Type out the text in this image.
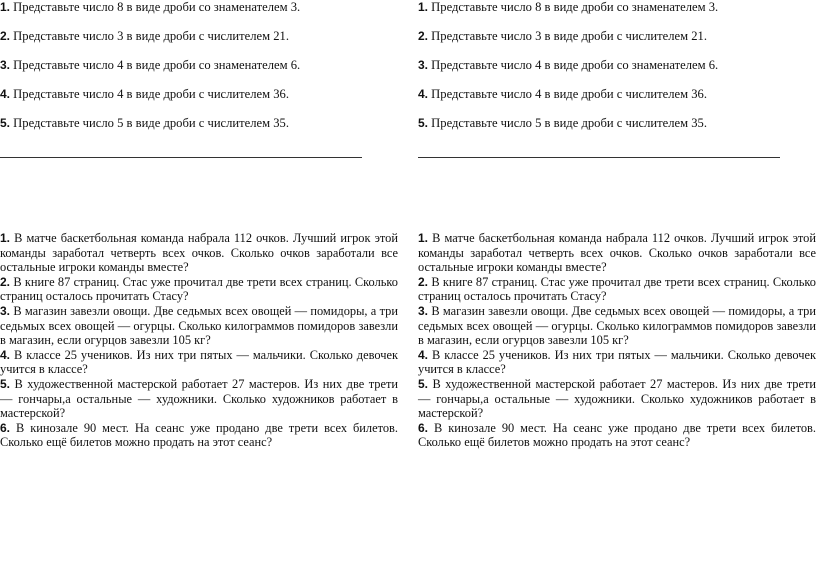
1. Представьте число 8 в виде дроби со знаменателем 3.
2. Представьте число 3 в виде дроби с числителем 21.
3. Представьте число 4 в виде дроби со знаменателем 6.
4. Представьте число 4 в виде дроби с числителем 36.
5. Представьте число 5 в виде дроби с числителем 35.
1. Представьте число 8 в виде дроби со знаменателем 3.
2. Представьте число 3 в виде дроби с числителем 21.
3. Представьте число 4 в виде дроби со знаменателем 6.
4. Представьте число 4 в виде дроби с числителем 36.
5. Представьте число 5 в виде дроби с числителем 35.

1. В матче баскетбольная команда набрала 112 очков. Лучший игрок этой команды заработал четверть всех очков. Сколько очков заработали все остальные игроки команды вместе?

2. В книге 87 страниц. Стас уже прочитал две трети всех страниц. Сколько страниц осталось прочитать Стасу?

3. В магазин завезли овощи. Две седьмых всех овощей — помидоры, а три седьмых всех овощей — огурцы. Сколько килограммов помидоров завезли в магазин, если огурцов завезли 105 кг?

4. В классе 25 учеников. Из них три пятых — мальчики. Сколько девочек учится в классе?

5. В художественной мастерской работает 27 мастеров. Из них две трети — гончары,а остальные — художники. Сколько художников работает в мастерской?

6. В кинозале 90 мест. На сеанс уже продано две трети всех билетов. Сколько ещё билетов можно продать на этот сеанс?

1. В матче баскетбольная команда набрала 112 очков. Лучший игрок этой команды заработал четверть всех очков. Сколько очков заработали все остальные игроки команды вместе?

2. В книге 87 страниц. Стас уже прочитал две трети всех страниц. Сколько страниц осталось прочитать Стасу?

3. В магазин завезли овощи. Две седьмых всех овощей — помидоры, а три седьмых всех овощей — огурцы. Сколько килограммов помидоров завезли в магазин, если огурцов завезли 105 кг?

4. В классе 25 учеников. Из них три пятых — мальчики. Сколько девочек учится в классе?

5. В художественной мастерской работает 27 мастеров. Из них две трети — гончары,а остальные — художники. Сколько художников работает в мастерской?

6. В кинозале 90 мест. На сеанс уже продано две трети всех билетов. Сколько ещё билетов можно продать на этот сеанс?
